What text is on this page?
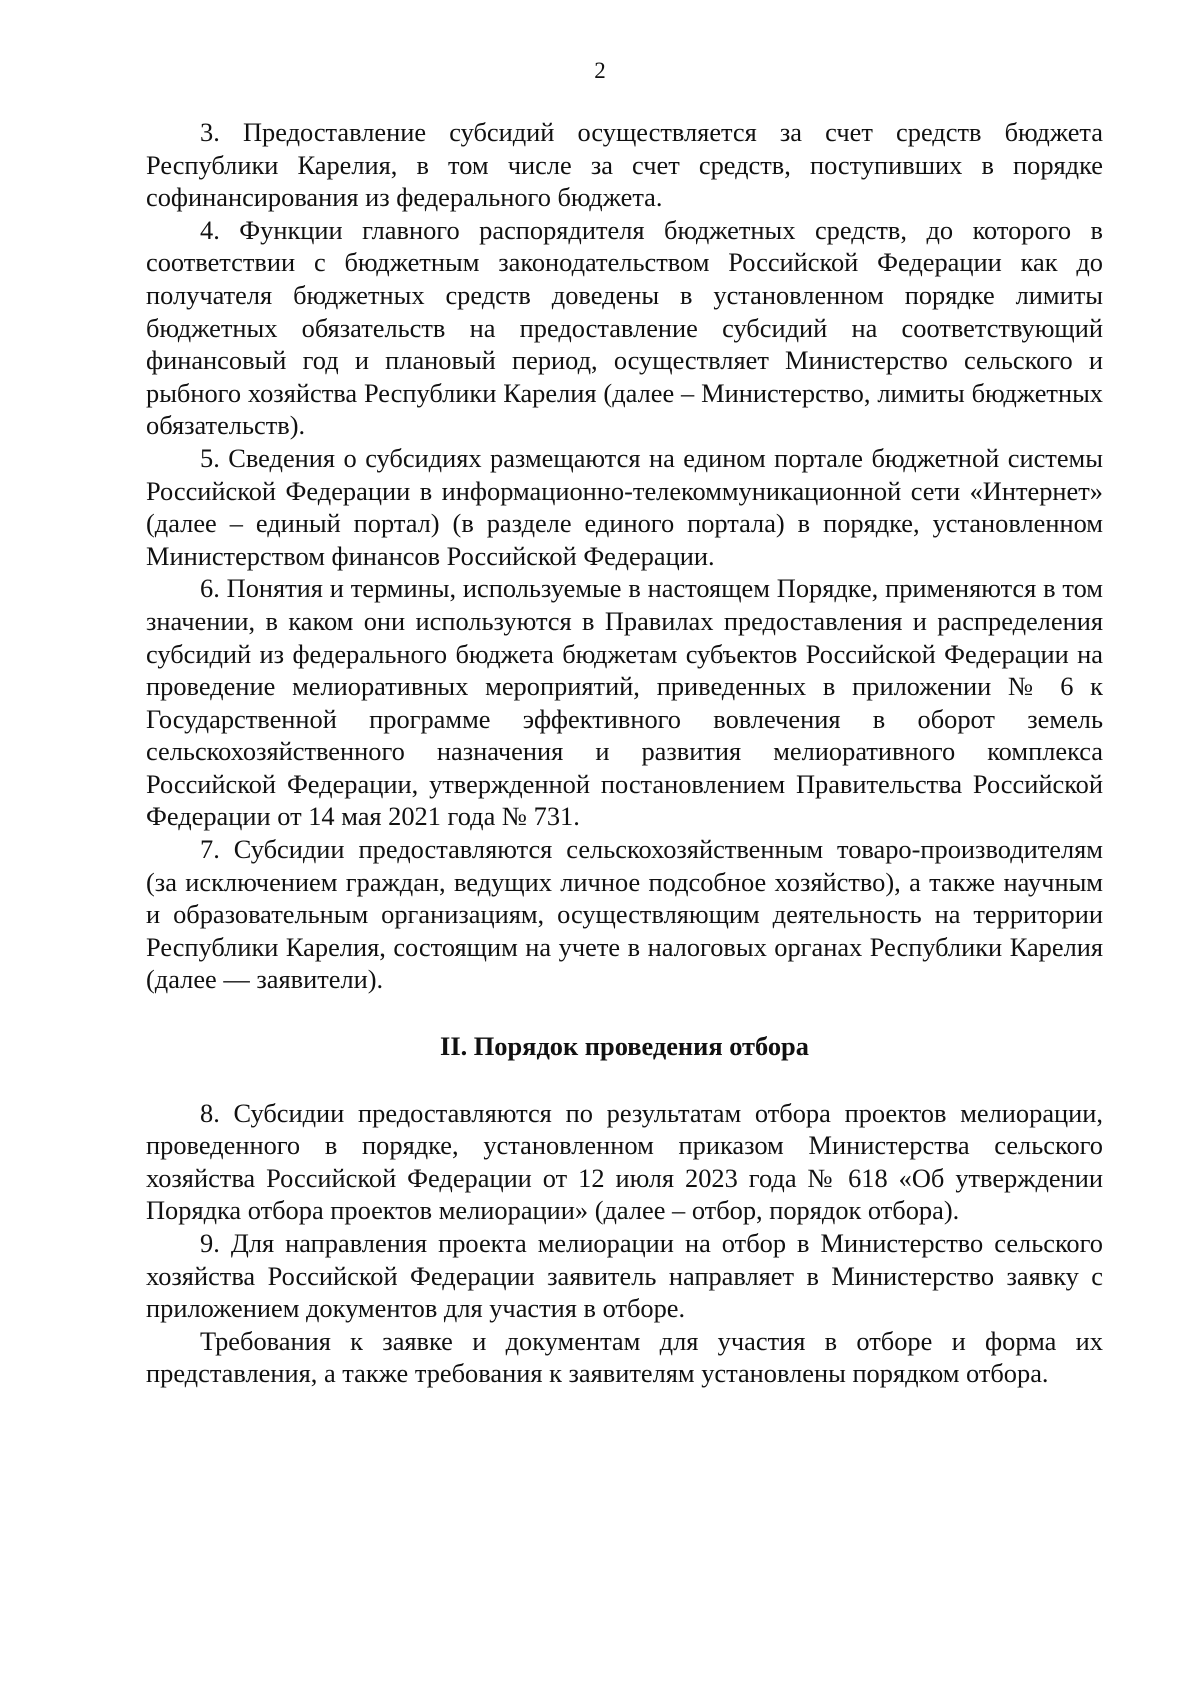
2

3. Предоставление субсидий осуществляется за счет средств бюджета Республики Карелия, в том числе за счет средств, поступивших в порядке софинансирования из федерального бюджета.

4. Функции главного распорядителя бюджетных средств, до которого в соответствии с бюджетным законодательством Российской Федерации как до получателя бюджетных средств доведены в установленном порядке лимиты бюджетных обязательств на предоставление субсидий на соответствующий финансовый год и плановый период, осуществляет Министерство сельского и рыбного хозяйства Республики Карелия (далее – Министерство, лимиты бюджетных обязательств).

5. Сведения о субсидиях размещаются на едином портале бюджетной системы Российской Федерации в информационно-телекоммуникационной сети «Интернет» (далее – единый портал) (в разделе единого портала) в порядке, установленном Министерством финансов Российской Федерации.

6. Понятия и термины, используемые в настоящем Порядке, применяются в том значении, в каком они используются в Правилах предоставления и распределения субсидий из федерального бюджета бюджетам субъектов Российской Федерации на проведение мелиоративных мероприятий, приведенных в приложении № 6 к Государственной программе эффективного вовлечения в оборот земель сельскохозяйственного назначения и развития мелиоративного комплекса Российской Федерации, утвержденной постановлением Правительства Российской Федерации от 14 мая 2021 года № 731.

7. Субсидии предоставляются сельскохозяйственным товаро-производителям (за исключением граждан, ведущих личное подсобное хозяйство), а также научным и образовательным организациям, осуществляющим деятельность на территории Республики Карелия, состоящим на учете в налоговых органах Республики Карелия (далее — заявители).

II. Порядок проведения отбора

8. Субсидии предоставляются по результатам отбора проектов мелиорации, проведенного в порядке, установленном приказом Министерства сельского хозяйства Российской Федерации от 12 июля 2023 года № 618 «Об утверждении Порядка отбора проектов мелиорации» (далее – отбор, порядок отбора).

9. Для направления проекта мелиорации на отбор в Министерство сельского хозяйства Российской Федерации заявитель направляет в Министерство заявку с приложением документов для участия в отборе.

Требования к заявке и документам для участия в отборе и форма их представления, а также требования к заявителям установлены порядком отбора.
